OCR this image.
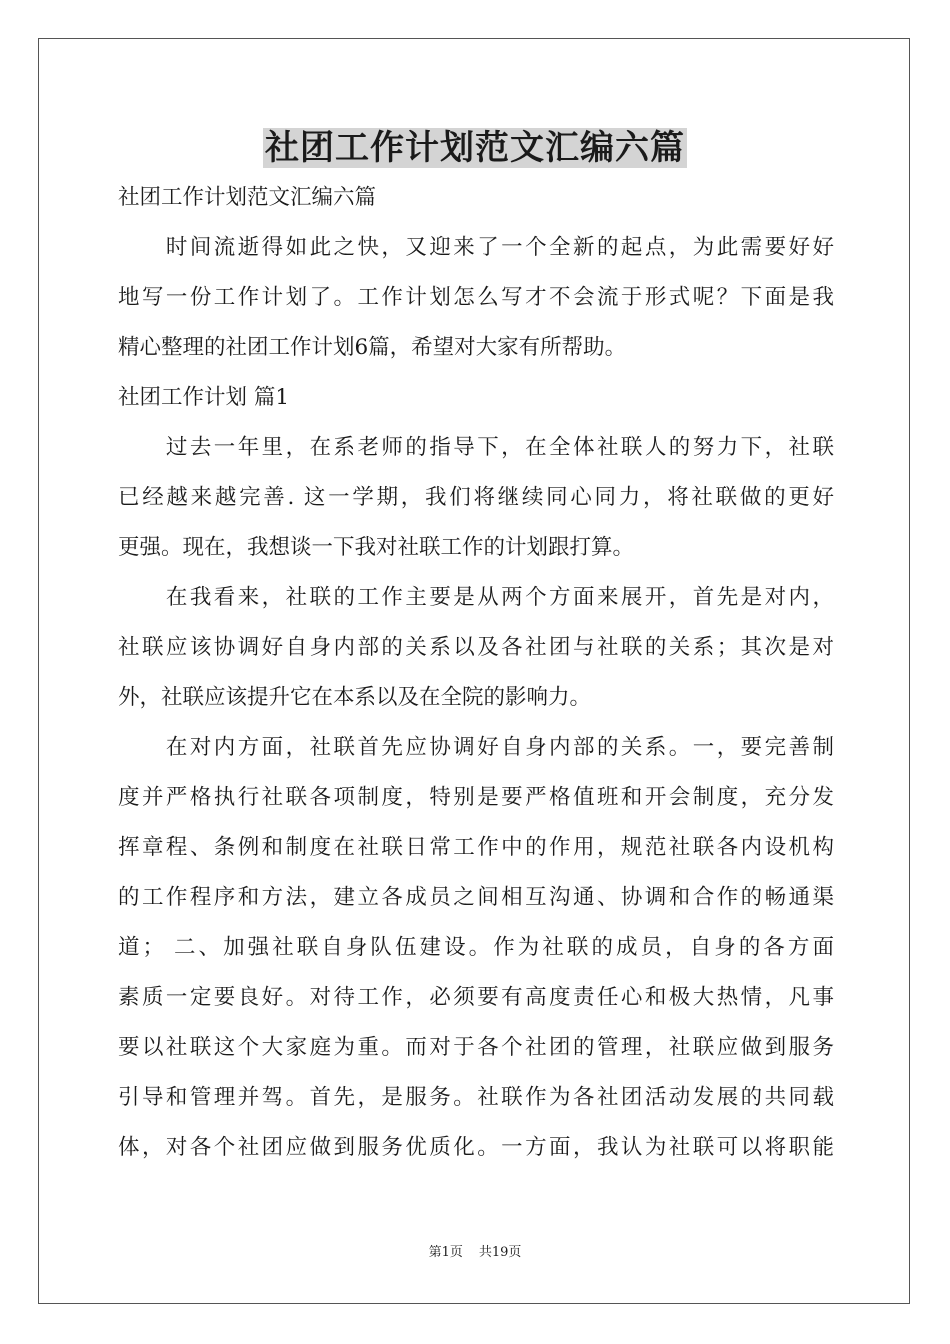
社团工作计划范文汇编六篇
社团工作计划范文汇编六篇
　　时间流逝得如此之快，又迎来了一个全新的起点，为此需要好好
地写一份工作计划了。工作计划怎么写才不会流于形式呢？下面是我
精心整理的社团工作计划6篇，希望对大家有所帮助。
社团工作计划 篇1
　　过去一年里，在系老师的指导下，在全体社联人的努力下，社联
已经越来越完善. 这一学期，我们将继续同心同力，将社联做的更好
更强。现在，我想谈一下我对社联工作的计划跟打算。
　　在我看来，社联的工作主要是从两个方面来展开，首先是对内，
社联应该协调好自身内部的关系以及各社团与社联的关系；其次是对
外，社联应该提升它在本系以及在全院的影响力。
　　在对内方面，社联首先应协调好自身内部的关系。一，要完善制
度并严格执行社联各项制度，特别是要严格值班和开会制度，充分发
挥章程、条例和制度在社联日常工作中的作用，规范社联各内设机构
的工作程序和方法，建立各成员之间相互沟通、协调和合作的畅通渠
道； 二、加强社联自身队伍建设。作为社联的成员，自身的各方面
素质一定要良好。对待工作，必须要有高度责任心和极大热情，凡事
要以社联这个大家庭为重。而对于各个社团的管理，社联应做到服务
引导和管理并驾。首先，是服务。社联作为各社团活动发展的共同载
体，对各个社团应做到服务优质化。一方面，我认为社联可以将职能
第1页 共19页
